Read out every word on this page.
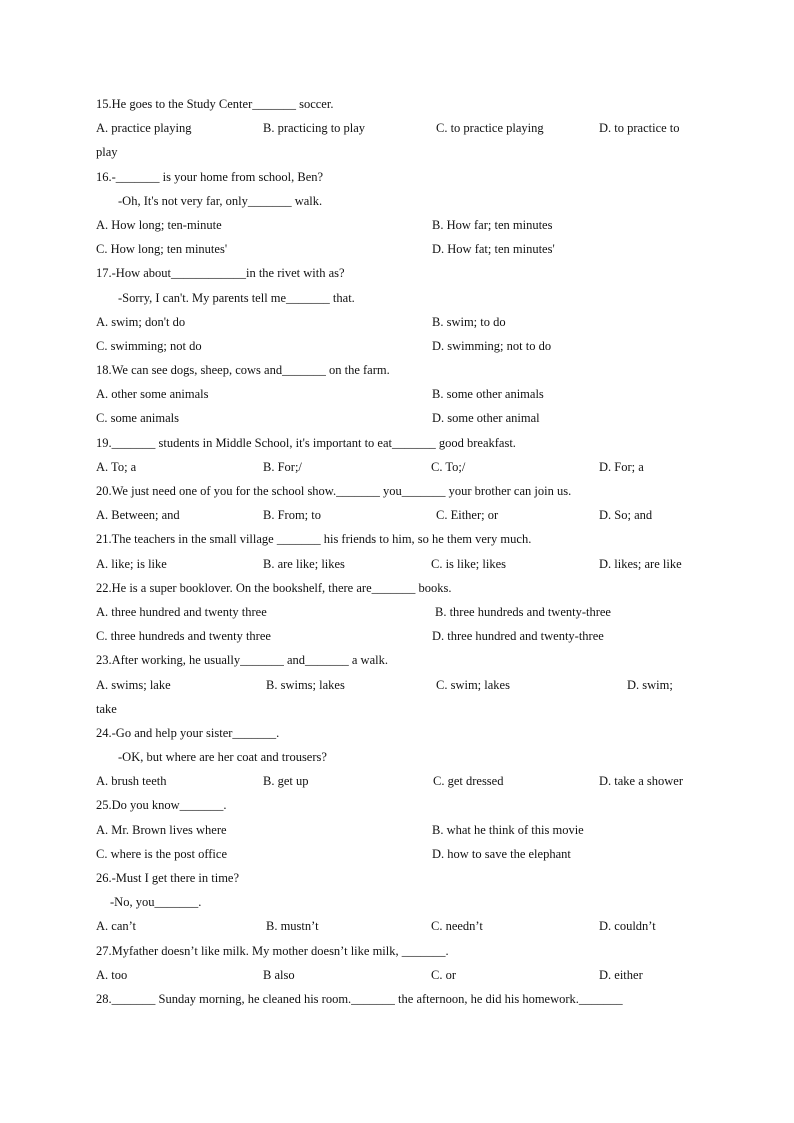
15.He goes to the Study Center_______ soccer.
A. practice playing	B. practicing to play	C. to practice playing	D. to practice to
play
16.-_______ is your home from school, Ben?
-Oh, It's not very far, only_______ walk.
A. How long; ten-minute	B. How far; ten minutes
C. How long; ten minutes'	D. How fat; ten minutes'
17.-How about____________in the rivet with as?
-Sorry, I can't. My parents tell me_______ that.
A. swim; don't do	B. swim; to do
C. swimming; not do	D. swimming; not to do
18.We can see dogs, sheep, cows and_______ on the farm.
A. other some animals	B. some other animals
C. some animals	D. some other animal
19._______ students in Middle School, it's important to eat_______ good breakfast.
A. To; a	B. For;/	C. To;/	D. For; a
20.We just need one of you for the school show._______ you_______ your brother can join us.
A. Between; and	B. From; to	C. Either; or	D. So; and
21.The teachers in the small village _______ his friends to him, so he them very much.
A. like; is like	B. are like; likes	C. is like; likes	D. likes; are like
22.He is a super booklover. On the bookshelf, there are_______ books.
A. three hundred and twenty three	B. three hundreds and twenty-three
C. three hundreds and twenty three	D. three hundred and twenty-three
23.After working, he usually_______ and_______ a walk.
A. swims; lake	B. swims; lakes	C. swim; lakes	D. swim;
take
24.-Go and help your sister_______.
-OK, but where are her coat and trousers?
A. brush teeth	B. get up	C. get dressed	D. take a shower
25.Do you know_______.
A. Mr. Brown lives where	B. what he think of this movie
C. where is the post office	D. how to save the elephant
26.-Must I get there in time?
-No, you_______.
A. can’t	B. mustn’t	C. needn’t	D. couldn’t
27.Myfather doesn’t like milk. My mother doesn’t like milk, _______.
A. too	B also	C. or	D. either
28._______ Sunday morning, he cleaned his room._______ the afternoon, he did his homework._______
